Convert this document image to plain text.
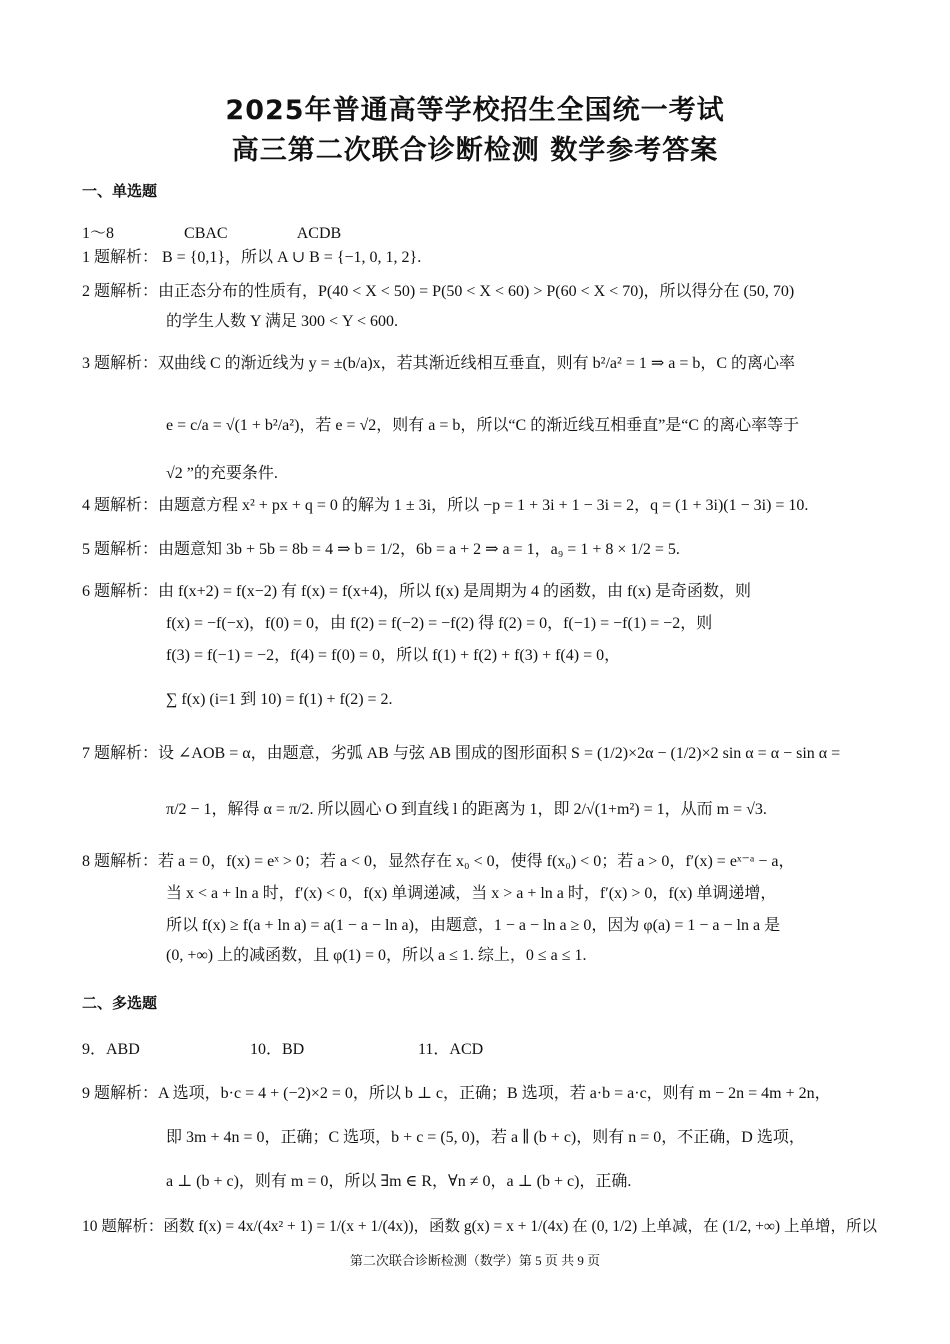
2025年普通高等学校招生全国统一考试
高三第二次联合诊断检测 数学参考答案
一、单选题
1～8	CBAC	ACDB
1 题解析： B = {0,1}，所以 A ∪ B = {−1, 0, 1, 2}.
2 题解析：由正态分布的性质有，P(40 < X < 50) = P(50 < X < 60) > P(60 < X < 70)，所以得分在 (50, 70)
的学生人数 Y 满足 300 < Y < 600.
3 题解析：双曲线 C 的渐近线为 y = ±(b/a)x，若其渐近线相互垂直，则有 b²/a² = 1 ⇒ a = b，C 的离心率
e = c/a = √(1 + b²/a²)，若 e = √2，则有 a = b，所以“C 的渐近线互相垂直”是“C 的离心率等于
√2 ”的充要条件.
4 题解析：由题意方程 x² + px + q = 0 的解为 1 ± 3i，所以 −p = 1 + 3i + 1 − 3i = 2，q = (1 + 3i)(1 − 3i) = 10.
5 题解析：由题意知 3b + 5b = 8b = 4 ⇒ b = 1/2，6b = a + 2 ⇒ a = 1，a₉ = 1 + 8 × 1/2 = 5.
6 题解析：由 f(x+2) = f(x−2) 有 f(x) = f(x+4)，所以 f(x) 是周期为 4 的函数，由 f(x) 是奇函数，则
f(x) = −f(−x)，f(0) = 0，由 f(2) = f(−2) = −f(2) 得 f(2) = 0，f(−1) = −f(1) = −2，则
f(3) = f(−1) = −2，f(4) = f(0) = 0，所以 f(1) + f(2) + f(3) + f(4) = 0，
∑ f(x) (i=1 到 10) = f(1) + f(2) = 2.
7 题解析：设 ∠AOB = α，由题意，劣弧 AB 与弦 AB 围成的图形面积 S = (1/2)×2α − (1/2)×2 sin α = α − sin α =
π/2 − 1，解得 α = π/2. 所以圆心 O 到直线 l 的距离为 1，即 2/√(1+m²) = 1，从而 m = √3.
8 题解析：若 a = 0，f(x) = eˣ > 0；若 a < 0，显然存在 x₀ < 0，使得 f(x₀) < 0；若 a > 0，f′(x) = eˣ⁻ᵃ − a，
当 x < a + ln a 时，f′(x) < 0，f(x) 单调递减，当 x > a + ln a 时，f′(x) > 0，f(x) 单调递增，
所以 f(x) ≥ f(a + ln a) = a(1 − a − ln a)，由题意，1 − a − ln a ≥ 0，因为 φ(a) = 1 − a − ln a 是
(0, +∞) 上的减函数，且 φ(1) = 0，所以 a ≤ 1. 综上，0 ≤ a ≤ 1.
二、多选题
9．ABD	10．BD	11．ACD
9 题解析：A 选项，b·c = 4 + (−2)×2 = 0，所以 b ⊥ c，正确；B 选项，若 a·b = a·c，则有 m − 2n = 4m + 2n，
即 3m + 4n = 0，正确；C 选项，b + c = (5, 0)，若 a ∥ (b + c)，则有 n = 0，不正确，D 选项，
a ⊥ (b + c)，则有 m = 0，所以 ∃m ∈ R，∀n ≠ 0，a ⊥ (b + c)，正确.
10 题解析：函数 f(x) = 4x/(4x² + 1) = 1/(x + 1/(4x))，函数 g(x) = x + 1/(4x) 在 (0, 1/2) 上单减，在 (1/2, +∞) 上单增，所以
第二次联合诊断检测（数学）第 5 页 共 9 页
